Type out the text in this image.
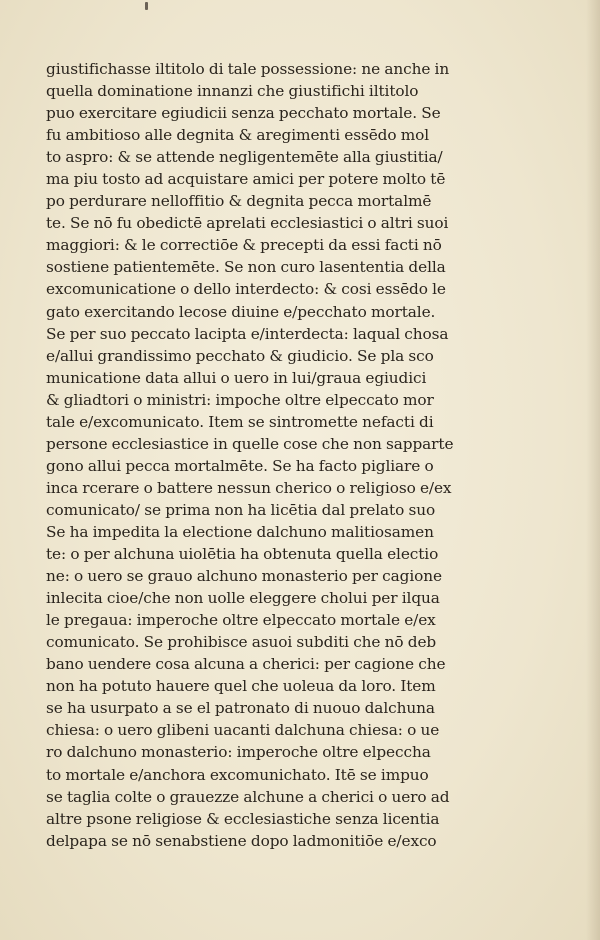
giustifichasse iltitolo di tale possessione: ne anche in
quella dominatione innanzi che giustifichi iltitolo
puo exercitare egiudicii senza pecchato mortale. Se
fu ambitioso alle degnita & aregimenti essēdo mol
to aspro: & se attende negligentemēte alla giustitia/
ma piu tosto ad acquistare amici per potere molto tē
po perdurare nelloffitio & degnita pecca mortalmē
te. Se nō fu obedictē aprelati ecclesiastici o altri suoi
maggiori: & le correctiōe & precepti da essi facti nō
sostiene patientemēte. Se non curo lasententia della
excomunicatione o dello interdecto: & cosi essēdo le
gato exercitando lecose diuine e/pecchato mortale.
Se per suo peccato lacipta e/interdecta: laqual chosa
e/allui grandissimo pecchato & giudicio. Se pla sco
municatione data allui o uero in lui/graua egiudici
& gliadtori o ministri: impoche oltre elpeccato mor
tale e/excomunicato. Item se sintromette nefacti di
persone ecclesiastice in quelle cose che non sapparte
gono allui pecca mortalmēte. Se ha facto pigliare o
inca rcerare o battere nessun cherico o religioso e/ex
comunicato/ se prima non ha licētia dal prelato suo
Se ha impedita la electione dalchuno malitiosamen
te: o per alchuna uiolētia ha obtenuta quella electio
ne: o uero se grauo alchuno monasterio per cagione
inlecita cioe/che non uolle eleggere cholui per ilqua
le pregaua: imperoche oltre elpeccato mortale e/ex
comunicato. Se prohibisce asuoi subditi che nō deb
bano uendere cosa alcuna a cherici: per cagione che
non ha potuto hauere quel che uoleua da loro. Item
se ha usurpato a se el patronato di nuouo dalchuna
chiesa: o uero glibeni uacanti dalchuna chiesa: o ue
ro dalchuno monasterio: imperoche oltre elpeccha
to mortale e/anchora excomunichato. Itē se impuo
se taglia colte o grauezze alchune a cherici o uero ad
altre psone religiose & ecclesiastiche senza licentia
delpapa se nō senabstiene dopo ladmonitiōe e/exco
